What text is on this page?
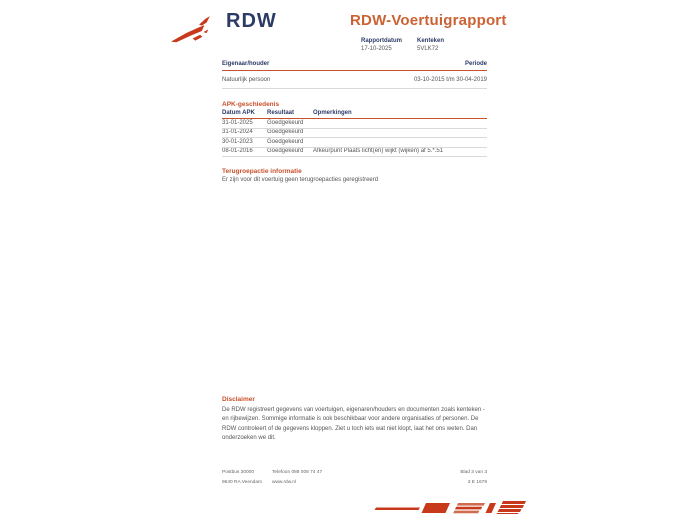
RDW	RDW-Voertuigrapport
Rapportdatum
17-10-2025
Kenteken
5VLK72
Eigenaar/houder	Periode
Natuurlijk persoon	03-10-2015 t/m 30-04-2019
APK-geschiedenis
Datum APK	Resultaat	Opmerkingen
31-01-2025	Goedgekeurd	
31-01-2024	Goedgekeurd	
30-01-2023	Goedgekeurd	
08-01-2016	Goedgekeurd	Afkeurpunt Plaats licht(en) wijkt (wijken) af 5.*.51
Terugroepactie informatie
Er zijn voor dit voertuig geen terugroepacties geregistreerd
Disclaimer
De RDW registreert gegevens van voertuigen, eigenaren/houders en documenten zoals kenteken - en rijbewijzen. Sommige informatie is ook beschikbaar voor andere organisaties of personen. De RDW controleert of de gegevens kloppen. Ziet u toch iets wat niet klopt, laat het ons weten. Dan onderzoeken we dit.
Postbus 30000
9640 RA Veendam
Telefoon 088 008 74 47
www.rdw.nl
Blad 3 van 3
3 E 1679
